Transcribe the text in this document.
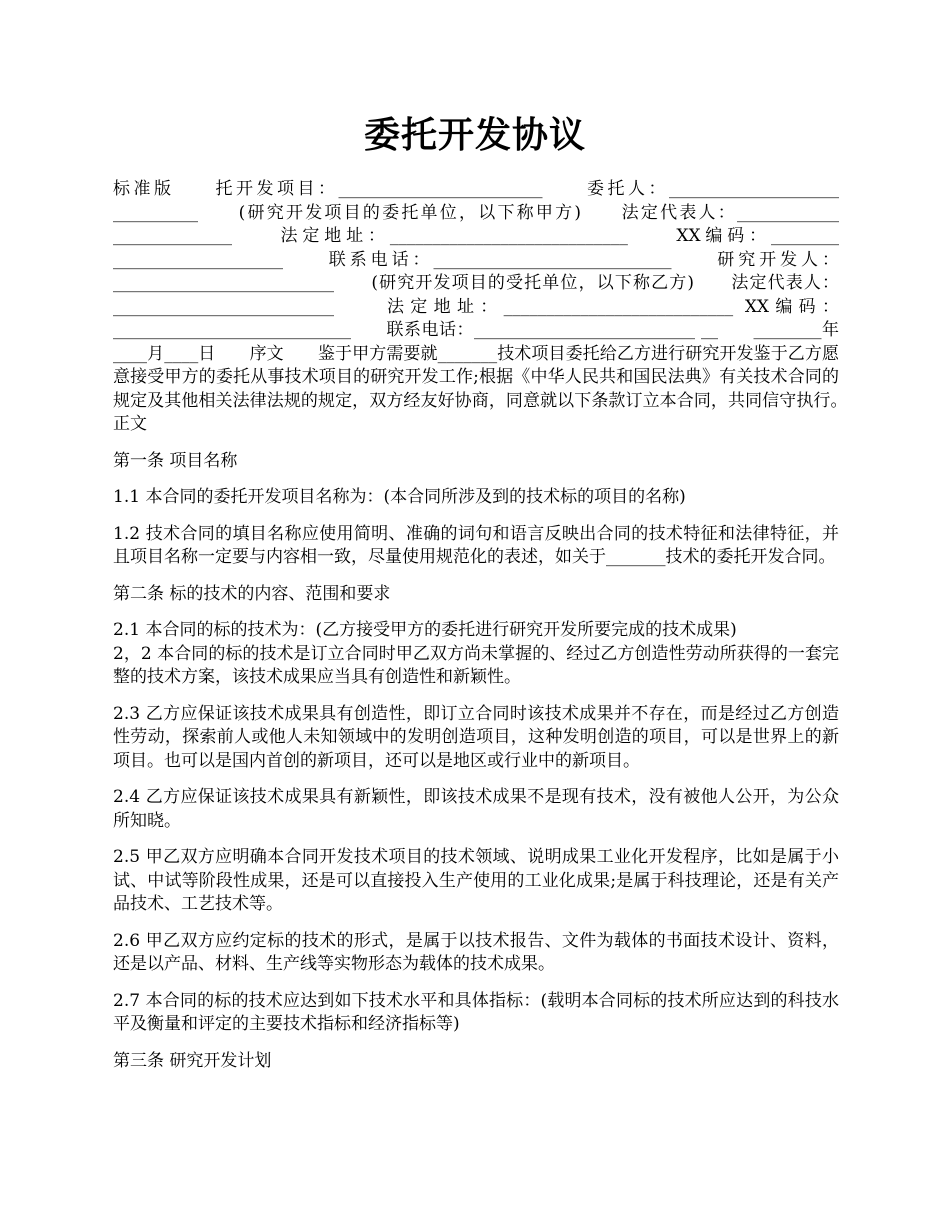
委托开发协议

标准版　　托开发项目：________________________　　委托人：____________________ __________　　(研究开发项目的委托单位，以下称甲方)　　法定代表人：____________ ______________　　法定地址：____________________________　　XX编码：________ ____________________　　联系电话：____________________________　　研究开发人：__________________________　　(研究开发项目的受托单位，以下称乙方)　　法定代表人：__________________________　　法定地址：___________________________ XX编码：____________________________　　联系电话：__________________________ __　　________年____月____日　　序文　　鉴于甲方需要就_______技术项目委托给乙方进行研究开发鉴于乙方愿意接受甲方的委托从事技术项目的研究开发工作;根据《中华人民共和国民法典》有关技术合同的规定及其他相关法律法规的规定，双方经友好协商，同意就以下条款订立本合同，共同信守执行。　　正文

第一条 项目名称

1.1 本合同的委托开发项目名称为：(本合同所涉及到的技术标的项目的名称)

1.2 技术合同的填目名称应使用简明、准确的词句和语言反映出合同的技术特征和法律特征，并且项目名称一定要与内容相一致，尽量使用规范化的表述，如关于_______技术的委托开发合同。

第二条 标的技术的内容、范围和要求

2.1 本合同的标的技术为：(乙方接受甲方的委托进行研究开发所要完成的技术成果)

2，2 本合同的标的技术是订立合同时甲乙双方尚未掌握的、经过乙方创造性劳动所获得的一套完整的技术方案，该技术成果应当具有创造性和新颖性。

2.3 乙方应保证该技术成果具有创造性，即订立合同时该技术成果并不存在，而是经过乙方创造性劳动，探索前人或他人未知领域中的发明创造项目，这种发明创造的项目，可以是世界上的新项目。也可以是国内首创的新项目，还可以是地区或行业中的新项目。

2.4 乙方应保证该技术成果具有新颖性，即该技术成果不是现有技术，没有被他人公开，为公众所知晓。

2.5 甲乙双方应明确本合同开发技术项目的技术领域、说明成果工业化开发程序，比如是属于小试、中试等阶段性成果，还是可以直接投入生产使用的工业化成果;是属于科技理论，还是有关产品技术、工艺技术等。

2.6 甲乙双方应约定标的技术的形式，是属于以技术报告、文件为载体的书面技术设计、资料，还是以产品、材料、生产线等实物形态为载体的技术成果。

2.7 本合同的标的技术应达到如下技术水平和具体指标：(载明本合同标的技术所应达到的科技水平及衡量和评定的主要技术指标和经济指标等)

第三条 研究开发计划
